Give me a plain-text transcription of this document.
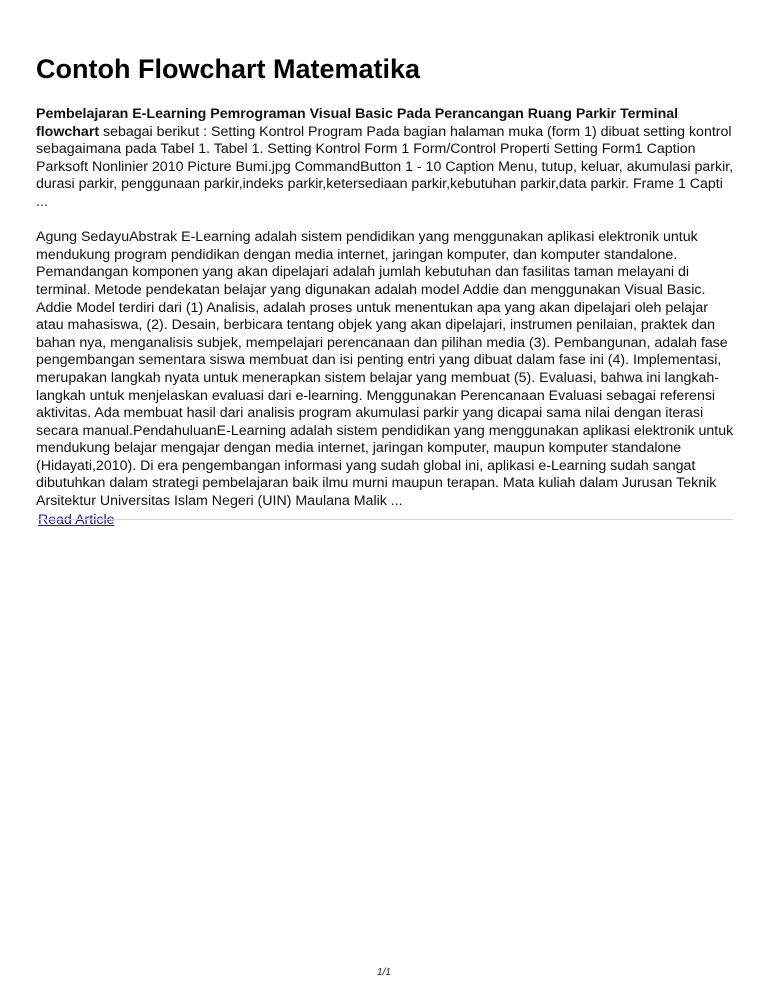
Contoh Flowchart Matematika

Pembelajaran E-Learning Pemrograman Visual Basic Pada Perancangan Ruang Parkir Terminal flowchart sebagai berikut : Setting Kontrol Program Pada bagian halaman muka (form 1) dibuat setting kontrol sebagaimana pada Tabel 1. Tabel 1. Setting Kontrol Form 1 Form/Control Properti Setting Form1 Caption Parksoft Nonlinier 2010 Picture Bumi.jpg CommandButton 1 - 10 Caption Menu, tutup, keluar, akumulasi parkir, durasi parkir, penggunaan parkir,indeks parkir,ketersediaan parkir,kebutuhan parkir,data parkir. Frame 1 Capti ...

Agung SedayuAbstrak E-Learning adalah sistem pendidikan yang menggunakan aplikasi elektronik untuk mendukung program pendidikan dengan media internet, jaringan komputer, dan komputer standalone. Pemandangan komponen yang akan dipelajari adalah jumlah kebutuhan dan fasilitas taman melayani di terminal. Metode pendekatan belajar yang digunakan adalah model Addie dan menggunakan Visual Basic. Addie Model terdiri dari (1) Analisis, adalah proses untuk menentukan apa yang akan dipelajari oleh pelajar atau mahasiswa, (2). Desain, berbicara tentang objek yang akan dipelajari, instrumen penilaian, praktek dan bahan nya, menganalisis subjek, mempelajari perencanaan dan pilihan media (3). Pembangunan, adalah fase pengembangan sementara siswa membuat dan isi penting entri yang dibuat dalam fase ini (4). Implementasi, merupakan langkah nyata untuk menerapkan sistem belajar yang membuat (5). Evaluasi, bahwa ini langkah-langkah untuk menjelaskan evaluasi dari e-learning. Menggunakan Perencanaan Evaluasi sebagai referensi aktivitas. Ada membuat hasil dari analisis program akumulasi parkir yang dicapai sama nilai dengan iterasi secara manual.PendahuluanE-Learning adalah sistem pendidikan yang menggunakan aplikasi elektronik untuk mendukung belajar mengajar dengan media internet, jaringan komputer, maupun komputer standalone (Hidayati,2010). Di era pengembangan informasi yang sudah global ini, aplikasi e-Learning sudah sangat dibutuhkan dalam strategi pembelajaran baik ilmu murni maupun terapan. Mata kuliah dalam Jurusan Teknik Arsitektur Universitas Islam Negeri (UIN) Maulana Malik ...

Read Article
1/1
